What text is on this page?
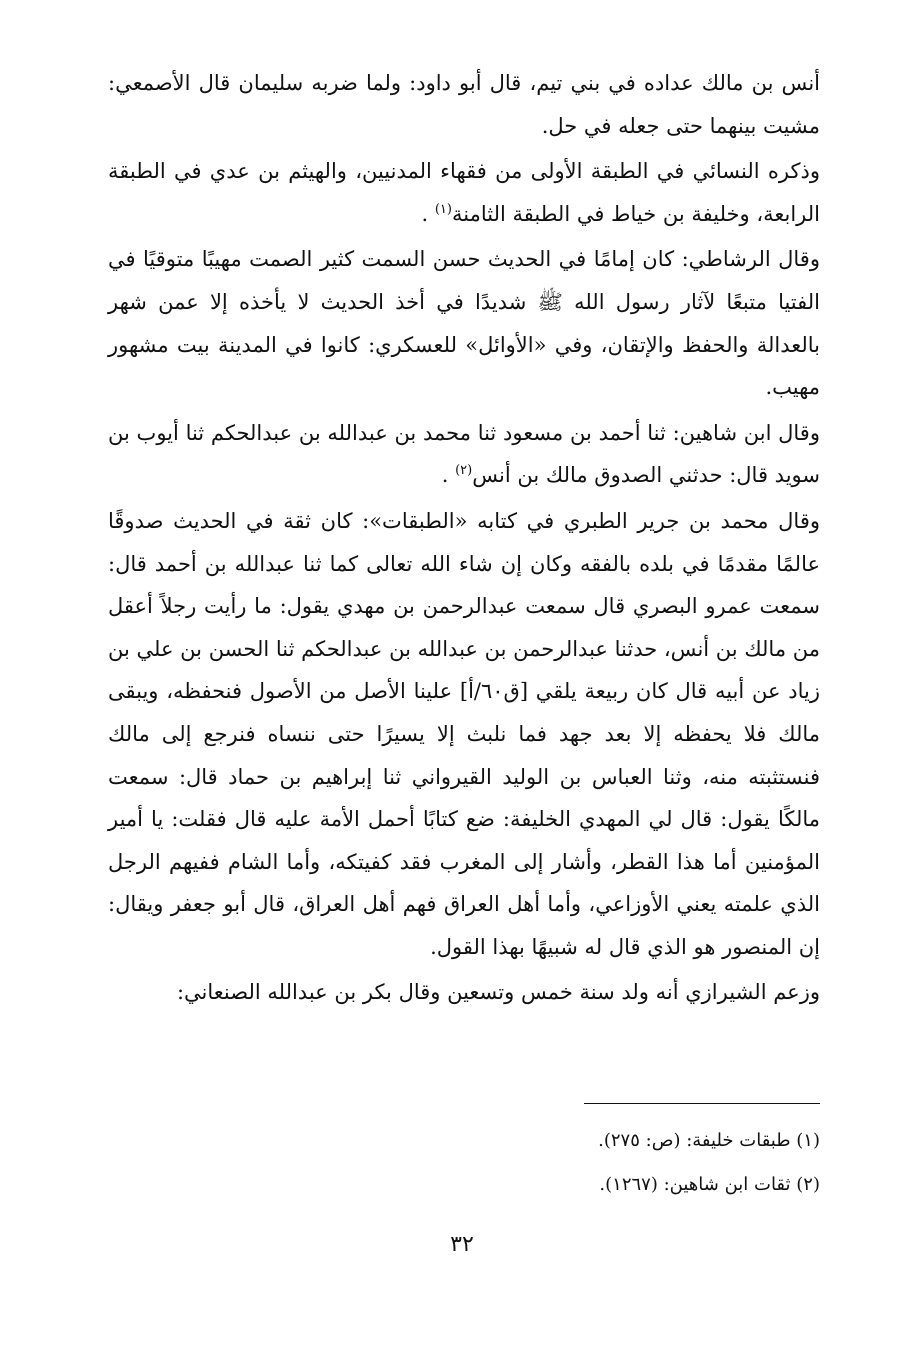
أنس بن مالك عداده في بني تيم، قال أبو داود: ولما ضربه سليمان قال الأصمعي: مشيت بينهما حتى جعله في حل.

وذكره النسائي في الطبقة الأولى من فقهاء المدنيين، والهيثم بن عدي في الطبقة الرابعة، وخليفة بن خياط في الطبقة الثامنة$^{(١)}$ .

وقال الرشاطي: كان إمامًا في الحديث حسن السمت كثير الصمت مهيبًا متوقيًا في الفتيا متبعًا لآثار رسول الله ﷺ شديدًا في أخذ الحديث لا يأخذه إلا عمن شهر بالعدالة والحفظ والإتقان، وفي «الأوائل» للعسكري: كانوا في المدينة بيت مشهور مهيب.

وقال ابن شاهين: ثنا أحمد بن مسعود ثنا محمد بن عبدالله بن عبدالحكم ثنا أيوب بن سويد قال: حدثني الصدوق مالك بن أنس$^{(٢)}$ .

وقال محمد بن جرير الطبري في كتابه «الطبقات»: كان ثقة في الحديث صدوقًا عالمًا مقدمًا في بلده بالفقه وكان إن شاء الله تعالى كما ثنا عبدالله بن أحمد قال: سمعت عمرو البصري قال سمعت عبدالرحمن بن مهدي يقول: ما رأيت رجلاً أعقل من مالك بن أنس، حدثنا عبدالرحمن بن عبدالله بن عبدالحكم ثنا الحسن بن علي بن زياد عن أبيه قال كان ربيعة يلقي [ق٦٠/أ] علينا الأصل من الأصول فنحفظه، ويبقى مالك فلا يحفظه إلا بعد جهد فما نلبث إلا يسيرًا حتى ننساه فنرجع إلى مالك فنستثبته منه، وثنا العباس بن الوليد القيرواني ثنا إبراهيم بن حماد قال: سمعت مالكًا يقول: قال لي المهدي الخليفة: ضع كتابًا أحمل الأمة عليه قال فقلت: يا أمير المؤمنين أما هذا القطر، وأشار إلى المغرب فقد كفيتكه، وأما الشام ففيهم الرجل الذي علمته يعني الأوزاعي، وأما أهل العراق فهم أهل العراق، قال أبو جعفر ويقال: إن المنصور هو الذي قال له شبيهًا بهذا القول.

وزعم الشيرازي أنه ولد سنة خمس وتسعين وقال بكر بن عبدالله الصنعاني:

(١) طبقات خليفة: (ص: ٢٧٥).

(٢) ثقات ابن شاهين: (١٢٦٧).

٣٢
